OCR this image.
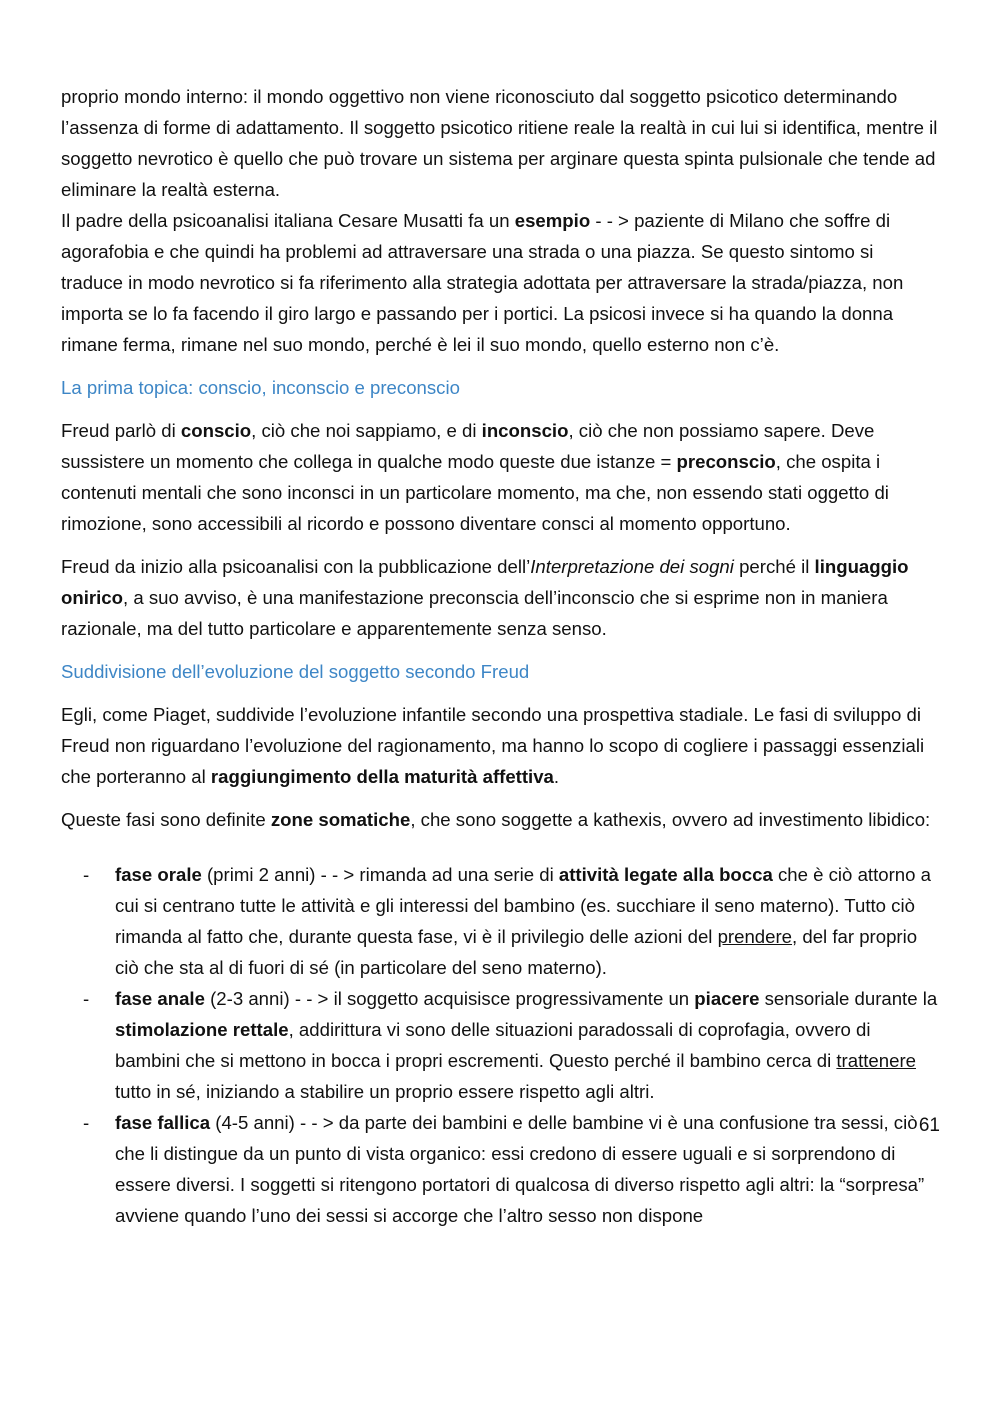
proprio mondo interno: il mondo oggettivo non viene riconosciuto dal soggetto psicotico determinando l’assenza di forme di adattamento. Il soggetto psicotico ritiene reale la realtà in cui lui si identifica, mentre il soggetto nevrotico è quello che può trovare un sistema per arginare questa spinta pulsionale che tende ad eliminare la realtà esterna.
Il padre della psicoanalisi italiana Cesare Musatti fa un esempio - - > paziente di Milano che soffre di agorafobia e che quindi ha problemi ad attraversare una strada o una piazza. Se questo sintomo si traduce in modo nevrotico si fa riferimento alla strategia adottata per attraversare la strada/piazza, non importa se lo fa facendo il giro largo e passando per i portici. La psicosi invece si ha quando la donna rimane ferma, rimane nel suo mondo, perché è lei il suo mondo, quello esterno non c’è.

La prima topica: conscio, inconscio e preconscio

Freud parlò di conscio, ciò che noi sappiamo, e di inconscio, ciò che non possiamo sapere. Deve sussistere un momento che collega in qualche modo queste due istanze = preconscio, che ospita i contenuti mentali che sono inconsci in un particolare momento, ma che, non essendo stati oggetto di rimozione, sono accessibili al ricordo e possono diventare consci al momento opportuno.

Freud da inizio alla psicoanalisi con la pubblicazione dell’Interpretazione dei sogni perché il linguaggio onirico, a suo avviso, è una manifestazione preconscia dell’inconscio che si esprime non in maniera razionale, ma del tutto particolare e apparentemente senza senso.

Suddivisione dell’evoluzione del soggetto secondo Freud

Egli, come Piaget, suddivide l’evoluzione infantile secondo una prospettiva stadiale. Le fasi di sviluppo di Freud non riguardano l’evoluzione del ragionamento, ma hanno lo scopo di cogliere i passaggi essenziali che porteranno al raggiungimento della maturità affettiva.

Queste fasi sono definite zone somatiche, che sono soggette a kathexis, ovvero ad investimento libidico:

- fase orale (primi 2 anni) - - > rimanda ad una serie di attività legate alla bocca che è ciò attorno a cui si centrano tutte le attività e gli interessi del bambino (es. succhiare il seno materno). Tutto ciò rimanda al fatto che, durante questa fase, vi è il privilegio delle azioni del prendere, del far proprio ciò che sta al di fuori di sé (in particolare del seno materno).
- fase anale (2-3 anni) - - > il soggetto acquisisce progressivamente un piacere sensoriale durante la stimolazione rettale, addirittura vi sono delle situazioni paradossali di coprofagia, ovvero di bambini che si mettono in bocca i propri escrementi. Questo perché il bambino cerca di trattenere tutto in sé, iniziando a stabilire un proprio essere rispetto agli altri.
- fase fallica (4-5 anni) - - > da parte dei bambini e delle bambine vi è una confusione tra sessi, ciò che li distingue da un punto di vista organico: essi credono di essere uguali e si sorprendono di essere diversi. I soggetti si ritengono portatori di qualcosa di diverso rispetto agli altri: la “sorpresa” avviene quando l’uno dei sessi si accorge che l’altro sesso non dispone
61
